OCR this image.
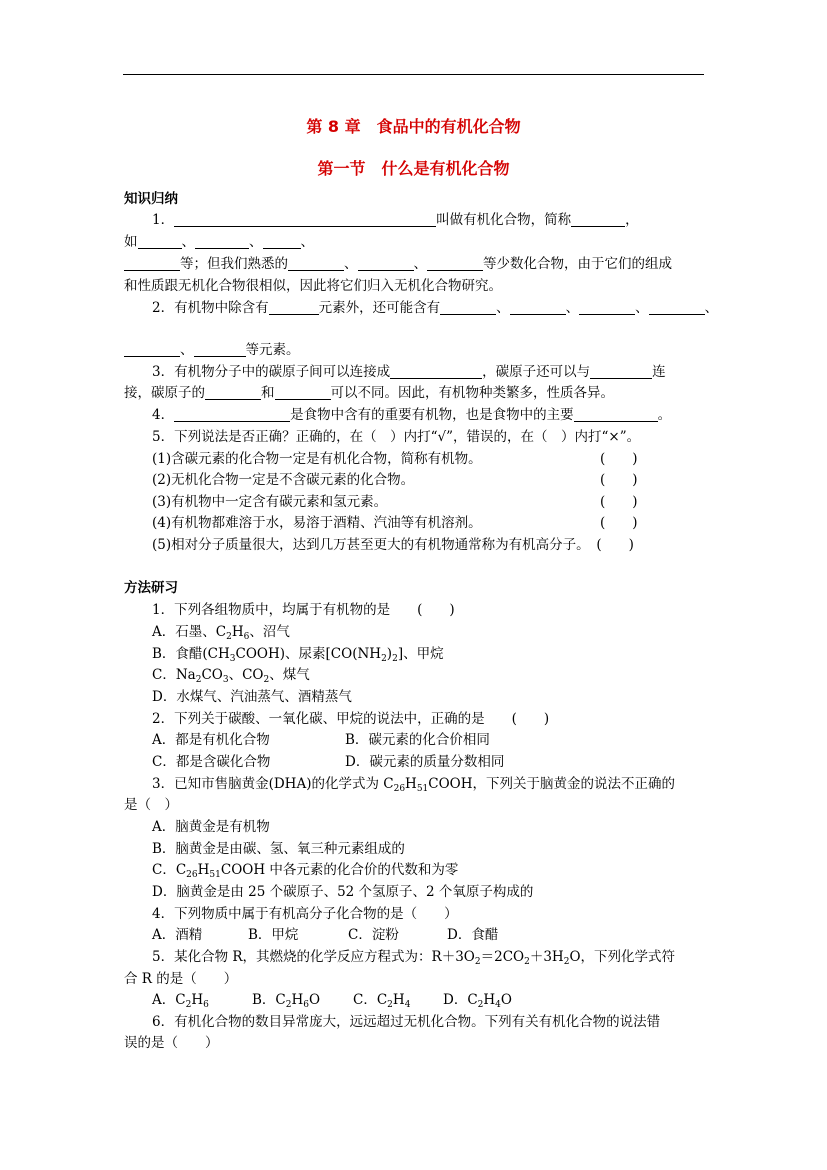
第 8 章　食品中的有机化合物
第一节　什么是有机化合物
知识归纳
1．	叫做有机化合物，简称	，
如	、	、	、
等；但我们熟悉的	、	、	等少数化合物，由于它们的组成
和性质跟无机化合物很相似，因此将它们归入无机化合物研究。
2．有机物中除含有	元素外，还可能含有	、	、	、	、
、	等元素。
3．有机物分子中的碳原子间可以连接成	，碳原子还可以与	连
接，碳原子的	和	可以不同。因此，有机物种类繁多，性质各异。
4．	是食物中含有的重要有机物，也是食物中的主要	。
5．下列说法是否正确？正确的，在（　）内打“√”，错误的，在（　）内打“×”。
(1)含碳元素的化合物一定是有机化合物，简称有机物。	(　　)
(2)无机化合物一定是不含碳元素的化合物。	(　　)
(3)有机物中一定含有碳元素和氢元素。	(　　)
(4)有机物都难溶于水，易溶于酒精、汽油等有机溶剂。	(　　)
(5)相对分子质量很大，达到几万甚至更大的有机物通常称为有机高分子。　 (　　)
方法研习
1．下列各组物质中，均属于有机物的是　　(　　)
A．石墨、$C_2H_6$、沼气
B．食醋$(CH_3COOH)$、尿素$[CO(NH_2)_2]$、甲烷
C．$Na_2CO_3$、$CO_2$、煤气
D．水煤气、汽油蒸气、酒精蒸气
2．下列关于碳酸、一氧化碳、甲烷的说法中，正确的是　　(　　)
A．都是有机化合物	B．碳元素的化合价相同
C．都是含碳化合物	D．碳元素的质量分数相同
3．已知市售脑黄金(DHA)的化学式为 $C_{26}H_{51}COOH$，下列关于脑黄金的说法不正确的
是（　）
A．脑黄金是有机物
B．脑黄金是由碳、氢、氧三种元素组成的
C．$C_{26}H_{51}COOH$ 中各元素的化合价的代数和为零
D．脑黄金是由 25 个碳原子、52 个氢原子、2 个氧原子构成的
4．下列物质中属于有机高分子化合物的是（　　）
A．酒精	B．甲烷	C．淀粉	D．食醋
5．某化合物 R，其燃烧的化学反应方程式为：$R+3O_2=2CO_2+3H_2O$，下列化学式符
合 R 的是（　　）
A．$C_2H_6$	B．$C_2H_6O$ C．$C_2H_4$ D．$C_2H_4O$
6．有机化合物的数目异常庞大，远远超过无机化合物。下列有关有机化合物的说法错
误的是（　　）
